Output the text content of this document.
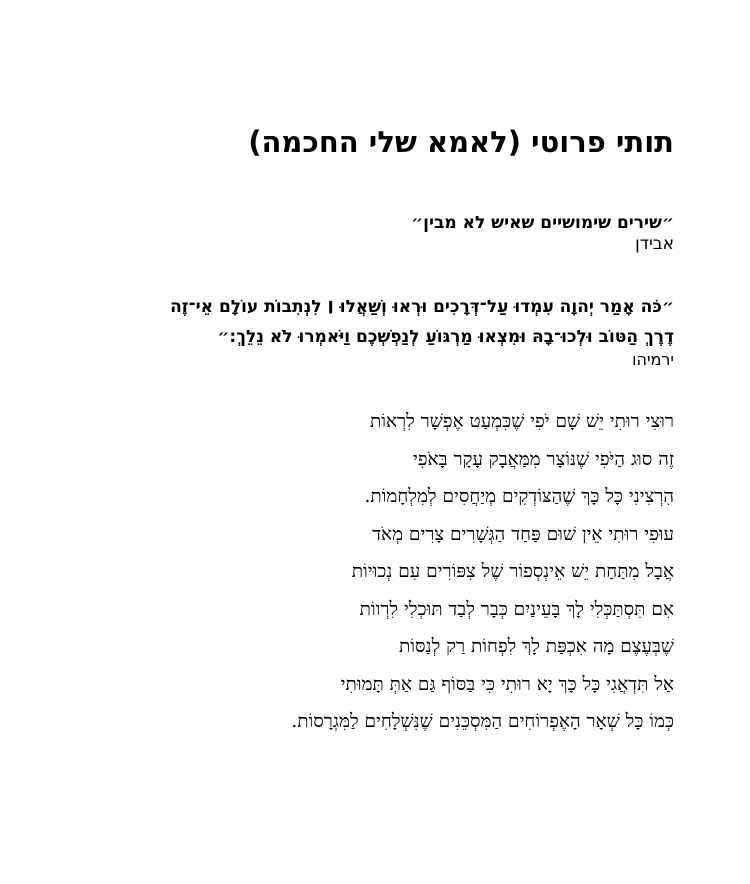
תותי פרוטי (לאמא שלי החכמה)
״שירים שימושיים שאיש לא מבין״
אבידן
״כֹּה אָמַר יְהוָה עִמְדוּ עַל־דְּרָכִים וּרְאוּ וְשַׁאֲלוּ ׀ לִנְתִבוֹת עוֹלָם אֵי־זֶה
דֶרֶךְ הַטּוֹב וּלְכוּ־בָהּ וּמִצְאוּ מַרְגּוֹעַ לְנַפְשְׁכֶם וַיֹּאמְרוּ לֹא נֵלֵךְ:״
ירמיהו
רוּצִי רוּתִי יֵשׁ שָׁם יֹפִי שֶׁכִּמְעַט אֶפְשָׁר לִרְאוֹת
זֶה סוּג הַיֹּפִי שֶׁנּוֹצָר מִמַּאֲבָק עָקָר בָּאֹפִי
הִרְצִינִי כָּל כָּךְ שֶׁהַצּוֹדְקִים מְיַחֲסִים לְמִלְחָמוֹת.
עוּפִי רוּתִי אֵין שׁוּם פַּחַד הַגְּשָׁרִים צָרִים מְאֹד
אֲבָל מִתַּחַת יֵשׁ אֵינְסְפוֹר שֶׁל צִפּוֹרִים עִם נְכוּיוֹת
אִם תִּסְתַּכְּלִי לָךְ בָּעֵינַיִם כְּבָר לְבַד תּוּכְלִי לִרְווֹת
שֶׁבְּעֶצֶם מָה אִכְפַּת לָךְ לִפְחוֹת רַק לְנַסּוֹת
אַל תִּדְאֲגִי כָּל כָּךְ יָא רוּתִי כִּי בַּסּוֹף גַּם אַתְּ תָּמוּתִי
כְּמוֹ כָּל שְׁאָר הָאֶפְרוֹחִים הַמִּסְכֵּנִים שֶׁנִּשְׁלָחִים לַמִּגְרָסוֹת.
